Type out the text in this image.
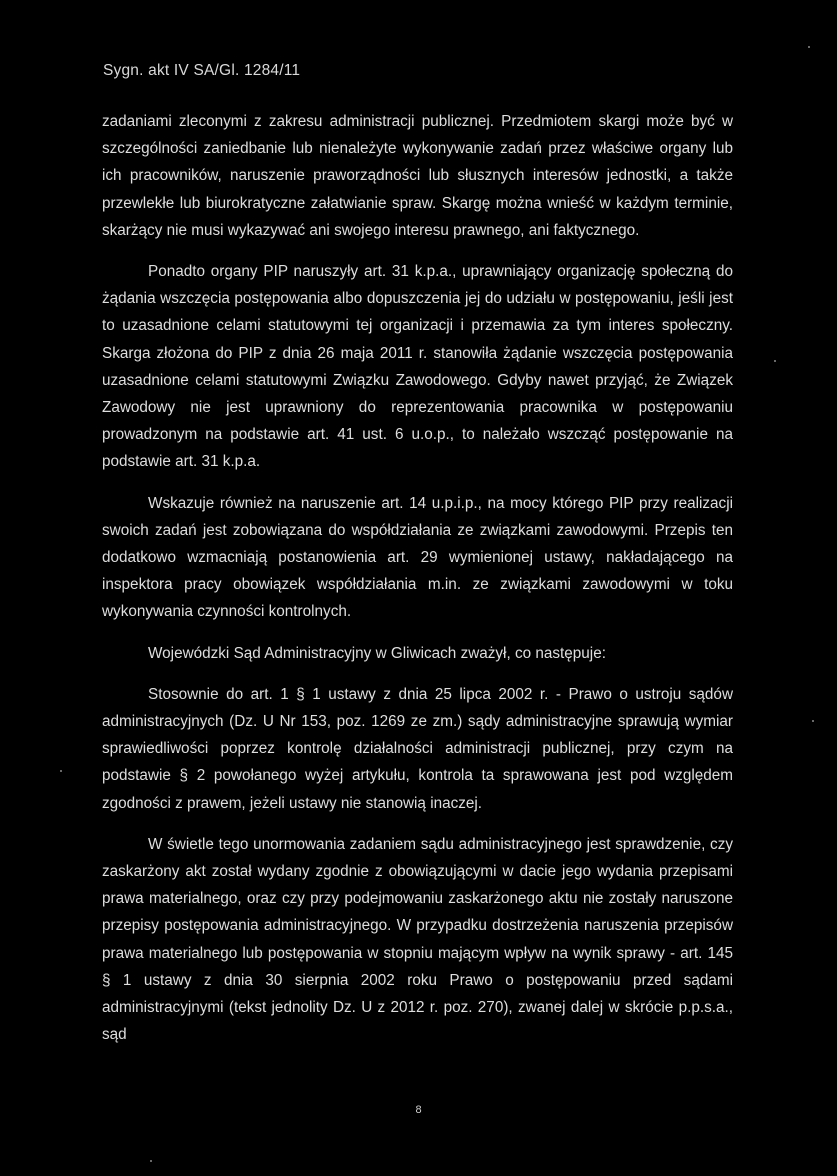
Sygn. akt IV SA/Gl. 1284/11

zadaniami zleconymi z zakresu administracji publicznej. Przedmiotem skargi może być w szczególności zaniedbanie lub nienależyte wykonywanie zadań przez właściwe organy lub ich pracowników, naruszenie praworządności lub słusznych interesów jednostki, a także przewlekłe lub biurokratyczne załatwianie spraw. Skargę można wnieść w każdym terminie, skarżący nie musi wykazywać ani swojego interesu prawnego, ani faktycznego.

Ponadto organy PIP naruszyły art. 31 k.p.a., uprawniający organizację społeczną do żądania wszczęcia postępowania albo dopuszczenia jej do udziału w postępowaniu, jeśli jest to uzasadnione celami statutowymi tej organizacji i przemawia za tym interes społeczny. Skarga złożona do PIP z dnia 26 maja 2011 r. stanowiła żądanie wszczęcia postępowania uzasadnione celami statutowymi Związku Zawodowego. Gdyby nawet przyjąć, że Związek Zawodowy nie jest uprawniony do reprezentowania pracownika w postępowaniu prowadzonym na podstawie art. 41 ust. 6 u.o.p., to należało wszcząć postępowanie na podstawie art. 31 k.p.a.

Wskazuje również na naruszenie art. 14 u.p.i.p., na mocy którego PIP przy realizacji swoich zadań jest zobowiązana do współdziałania ze związkami zawodowymi. Przepis ten dodatkowo wzmacniają postanowienia art. 29 wymienionej ustawy, nakładającego na inspektora pracy obowiązek współdziałania m.in. ze związkami zawodowymi w toku wykonywania czynności kontrolnych.

Wojewódzki Sąd Administracyjny w Gliwicach zważył, co następuje:

Stosownie do art. 1 § 1 ustawy z dnia 25 lipca 2002 r. - Prawo o ustroju sądów administracyjnych (Dz. U Nr 153, poz. 1269 ze zm.) sądy administracyjne sprawują wymiar sprawiedliwości poprzez kontrolę działalności administracji publicznej, przy czym na podstawie § 2 powołanego wyżej artykułu, kontrola ta sprawowana jest pod względem zgodności z prawem, jeżeli ustawy nie stanowią inaczej.

W świetle tego unormowania zadaniem sądu administracyjnego jest sprawdzenie, czy zaskarżony akt został wydany zgodnie z obowiązującymi w dacie jego wydania przepisami prawa materialnego, oraz czy przy podejmowaniu zaskarżonego aktu nie zostały naruszone przepisy postępowania administracyjnego. W przypadku dostrzeżenia naruszenia przepisów prawa materialnego lub postępowania w stopniu mającym wpływ na wynik sprawy - art. 145 § 1 ustawy z dnia 30 sierpnia 2002 roku Prawo o postępowaniu przed sądami administracyjnymi (tekst jednolity Dz. U z 2012 r. poz. 270), zwanej dalej w skrócie p.p.s.a., sąd

8
